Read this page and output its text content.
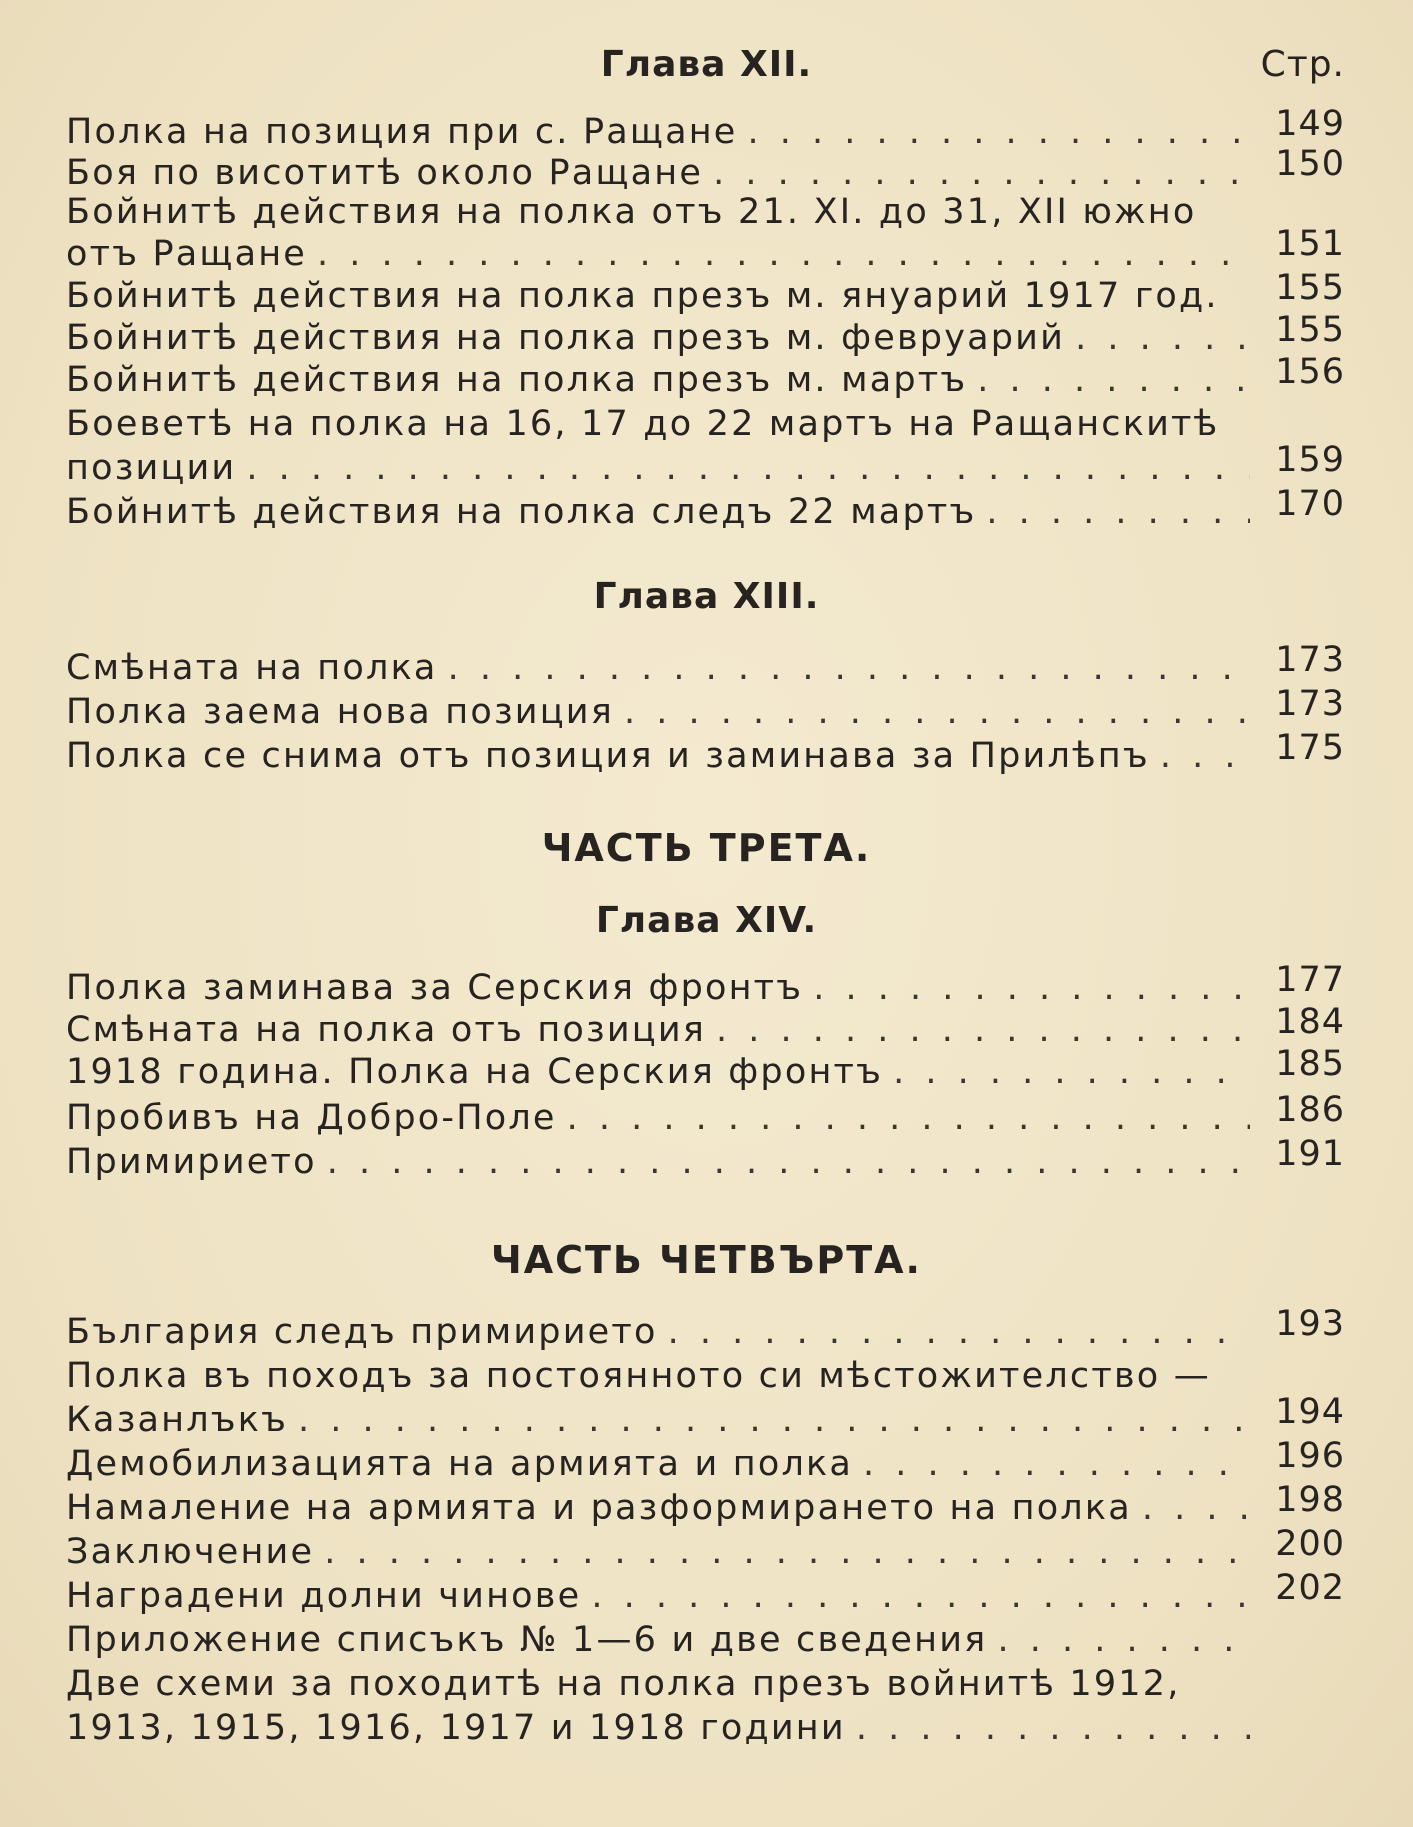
Глава XII.	Стр.
Полка на позиция при с. Ращане . . .	149
Боя по висотитѣ около Ращане . . .	150
Бойнитѣ действия на полка отъ 21. XI. до 31, XII южно
отъ Ращане . . .	151
Бойнитѣ действия на полка презъ м. януарий 1917 год.	155
Бойнитѣ действия на полка презъ м. февруарий . . .	155
Бойнитѣ действия на полка презъ м. мартъ . . .	156
Боеветѣ на полка на 16, 17 до 22 мартъ на Ращанскитѣ
позиции . . .	159
Бойнитѣ действия на полка следъ 22 мартъ . . .	170
Глава XIII.
Смѣната на полка . . .	173
Полка заема нова позиция . . .	173
Полка се снима отъ позиция и заминава за Прилѣпъ . . .	175
ЧАСТЬ ТРЕТА.
Глава XIV.
Полка заминава за Серския фронтъ . . .	177
Смѣната на полка отъ позиция . . .	184
1918 година. Полка на Серския фронтъ . . .	185
Пробивъ на Добро-Поле . . .	186
Примирието . . .	191
ЧАСТЬ ЧЕТВЪРТА.
България следъ примирието . . .	193
Полка въ походъ за постоянното си мѣстожителство —
Казанлъкъ . . .	194
Демобилизацията на армията и полка . . .	196
Намаление на армията и разформирането на полка . . .	198
Заключение . . .	200
Наградени долни чинове . . .	202
Приложение списъкъ № 1—6 и две сведения
. . .
Две схеми за походитѣ на полка презъ войнитѣ 1912,
1913, 1915, 1916, 1917 и 1918 години
. . .
